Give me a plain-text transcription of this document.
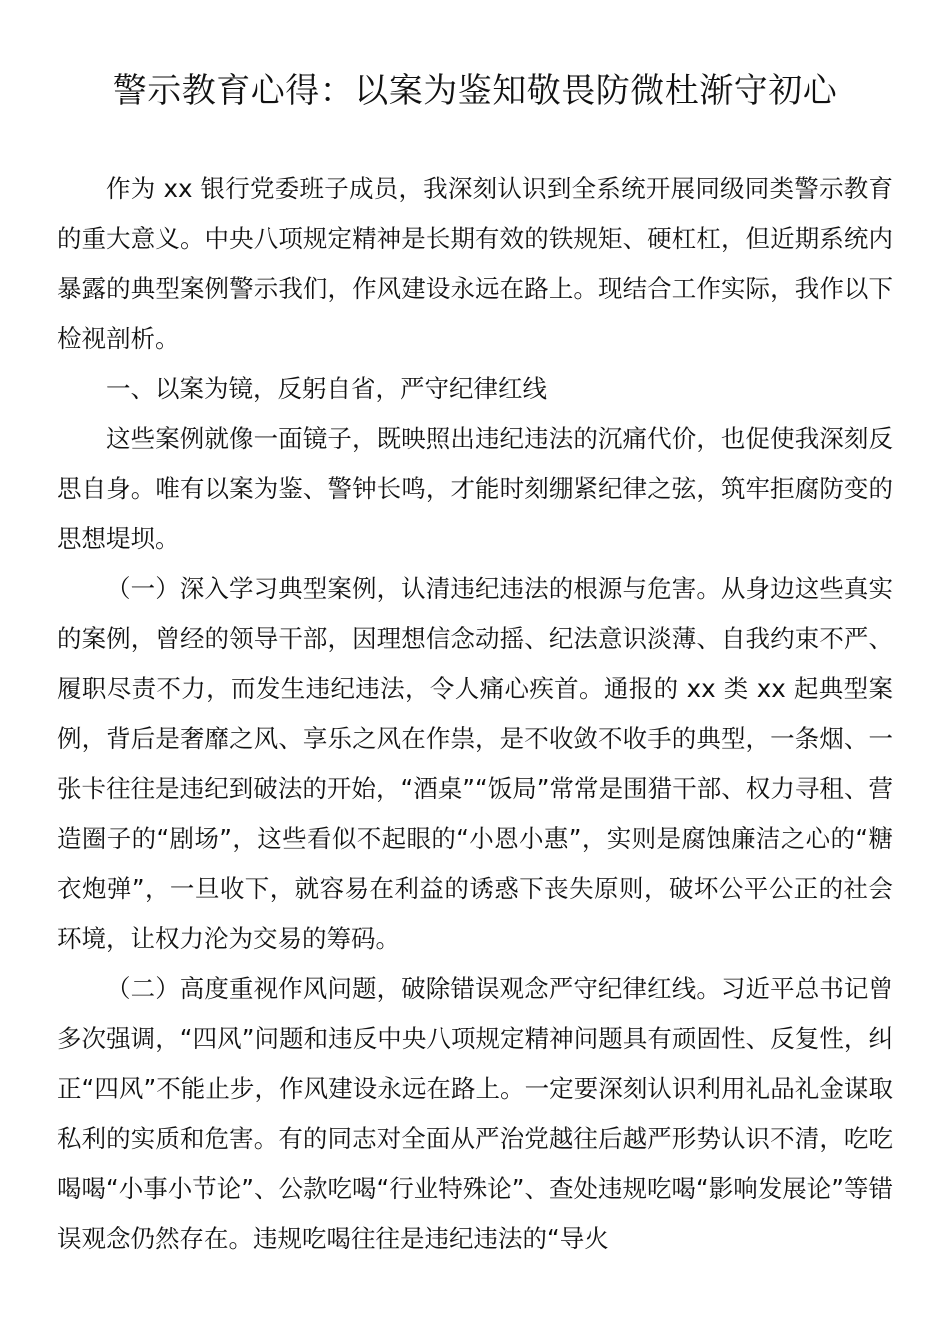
警示教育心得：以案为鉴知敬畏防微杜渐守初心

作为 xx 银行党委班子成员，我深刻认识到全系统开展同级同类警示教育的重大意义。中央八项规定精神是长期有效的铁规矩、硬杠杠，但近期系统内暴露的典型案例警示我们，作风建设永远在路上。现结合工作实际，我作以下检视剖析。

一、以案为镜，反躬自省，严守纪律红线

这些案例就像一面镜子，既映照出违纪违法的沉痛代价，也促使我深刻反思自身。唯有以案为鉴、警钟长鸣，才能时刻绷紧纪律之弦，筑牢拒腐防变的思想堤坝。

（一）深入学习典型案例，认清违纪违法的根源与危害。从身边这些真实的案例，曾经的领导干部，因理想信念动摇、纪法意识淡薄、自我约束不严、履职尽责不力，而发生违纪违法，令人痛心疾首。通报的 xx 类 xx 起典型案例，背后是奢靡之风、享乐之风在作祟，是不收敛不收手的典型，一条烟、一张卡往往是违纪到破法的开始，“酒桌”“饭局”常常是围猎干部、权力寻租、营造圈子的“剧场”，这些看似不起眼的“小恩小惠”，实则是腐蚀廉洁之心的“糖衣炮弹”，一旦收下，就容易在利益的诱惑下丧失原则，破坏公平公正的社会环境，让权力沦为交易的筹码。

（二）高度重视作风问题，破除错误观念严守纪律红线。习近平总书记曾多次强调，“四风”问题和违反中央八项规定精神问题具有顽固性、反复性，纠正“四风”不能止步，作风建设永远在路上。一定要深刻认识利用礼品礼金谋取私利的实质和危害。有的同志对全面从严治党越往后越严形势认识不清，吃吃喝喝“小事小节论”、公款吃喝“行业特殊论”、查处违规吃喝“影响发展论”等错误观念仍然存在。违规吃喝往往是违纪违法的“导火
